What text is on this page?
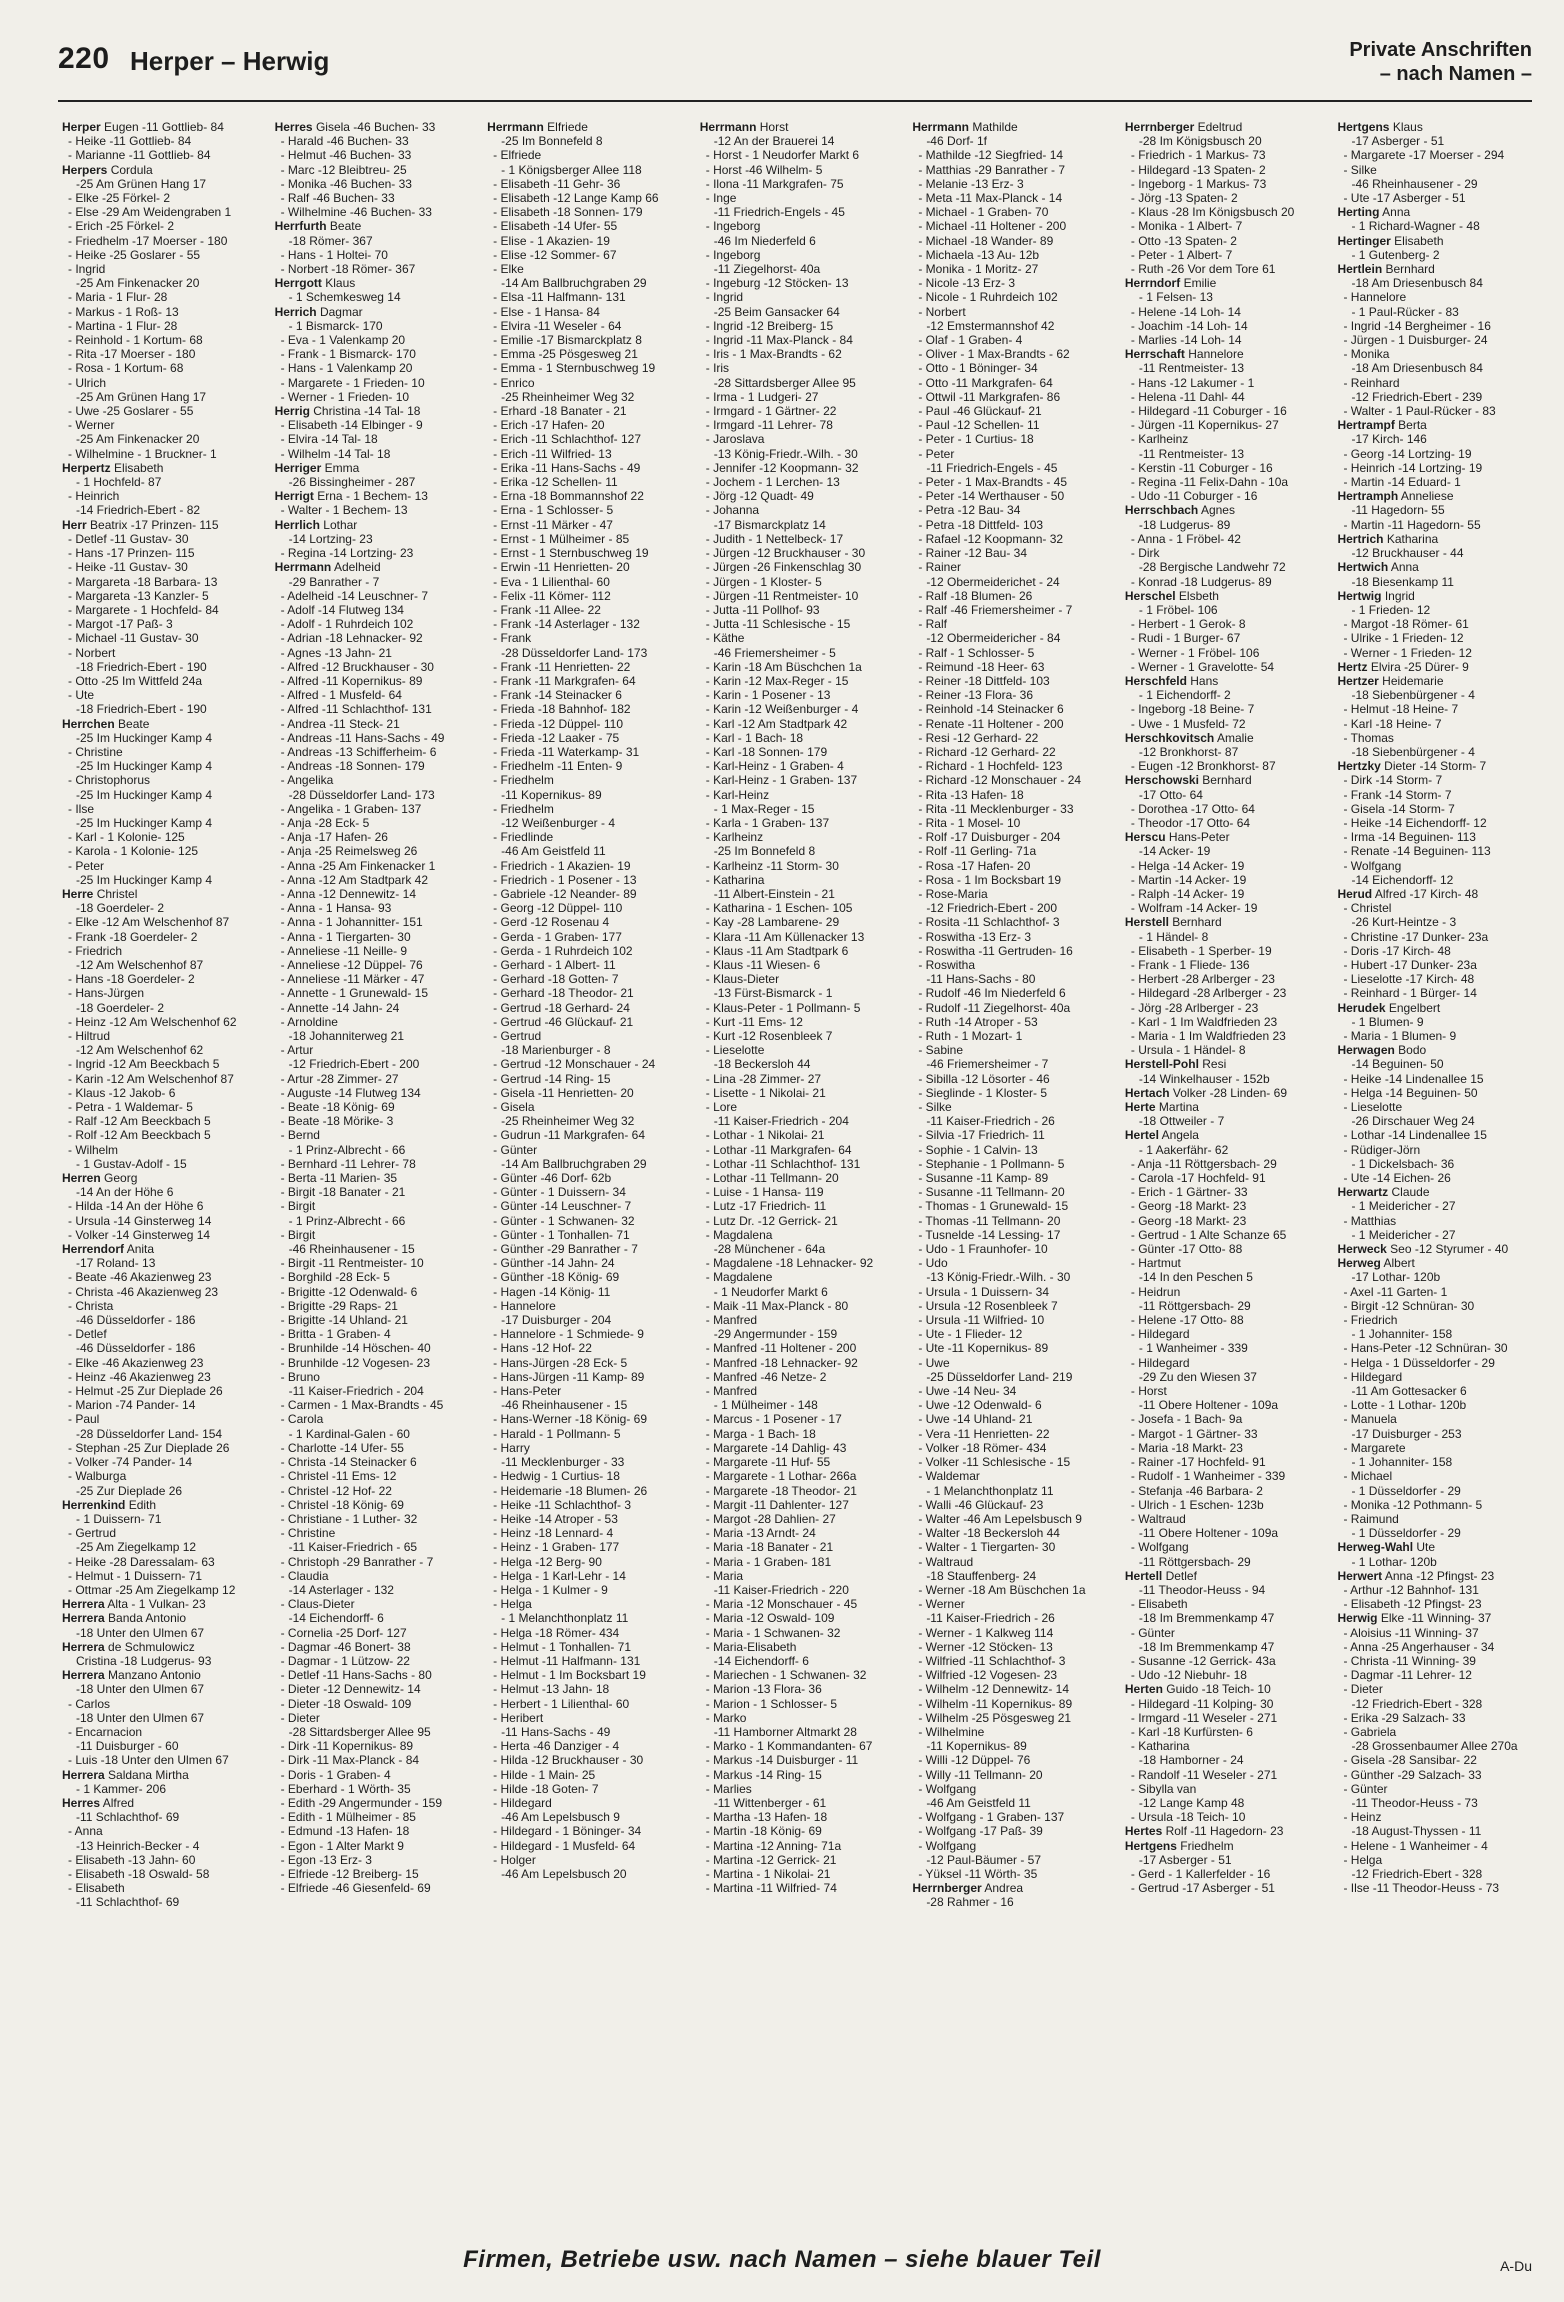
220 Herper – Herwig	Private Anschriften
– nach Namen –
Herper Eugen -11 Gottlieb- 84
- Heike -11 Gottlieb- 84
- Marianne -11 Gottlieb- 84
Herpers Cordula
-25 Am Grünen Hang 17
- Elke -25 Förkel- 2
- Else -29 Am Weidengraben 1
- Erich -25 Förkel- 2
- Friedhelm -17 Moerser - 180
- Heike -25 Goslarer - 55
- Ingrid
-25 Am Finkenacker 20
- Maria - 1 Flur- 28
- Markus - 1 Roß- 13
- Martina - 1 Flur- 28
- Reinhold - 1 Kortum- 68
- Rita -17 Moerser - 180
- Rosa - 1 Kortum- 68
- Ulrich
-25 Am Grünen Hang 17
- Uwe -25 Goslarer - 55
- Werner
-25 Am Finkenacker 20
- Wilhelmine - 1 Bruckner- 1
Herpertz Elisabeth
- 1 Hochfeld- 87
- Heinrich
-14 Friedrich-Ebert - 82
Herr Beatrix -17 Prinzen- 115
- Detlef -11 Gustav- 30
- Hans -17 Prinzen- 115
- Heike -11 Gustav- 30
- Margareta -18 Barbara- 13
- Margareta -13 Kanzler- 5
- Margarete - 1 Hochfeld- 84
- Margot -17 Paß- 3
- Michael -11 Gustav- 30
- Norbert
-18 Friedrich-Ebert - 190
- Otto -25 Im Wittfeld 24a
- Ute
-18 Friedrich-Ebert - 190
Herrchen Beate
-25 Im Huckinger Kamp 4
- Christine
-25 Im Huckinger Kamp 4
- Christophorus
-25 Im Huckinger Kamp 4
- Ilse
-25 Im Huckinger Kamp 4
- Karl - 1 Kolonie- 125
- Karola - 1 Kolonie- 125
- Peter
-25 Im Huckinger Kamp 4
Herre Christel
-18 Goerdeler- 2
- Elke -12 Am Welschenhof 87
- Frank -18 Goerdeler- 2
- Friedrich
-12 Am Welschenhof 87
- Hans -18 Goerdeler- 2
- Hans-Jürgen
-18 Goerdeler- 2
- Heinz -12 Am Welschenhof 62
- Hiltrud
-12 Am Welschenhof 62
- Ingrid -12 Am Beeckbach 5
- Karin -12 Am Welschenhof 87
- Klaus -12 Jakob- 6
- Petra - 1 Waldemar- 5
- Ralf -12 Am Beeckbach 5
- Rolf -12 Am Beeckbach 5
- Wilhelm
- 1 Gustav-Adolf - 15
Herren Georg
-14 An der Höhe 6
- Hilda -14 An der Höhe 6
- Ursula -14 Ginsterweg 14
- Volker -14 Ginsterweg 14
Herrendorf Anita
-17 Roland- 13
- Beate -46 Akazienweg 23
- Christa -46 Akazienweg 23
- Christa
-46 Düsseldorfer - 186
- Detlef
-46 Düsseldorfer - 186
- Elke -46 Akazienweg 23
- Heinz -46 Akazienweg 23
- Helmut -25 Zur Dieplade 26
- Marion -74 Pander- 14
- Paul
-28 Düsseldorfer Land- 154
- Stephan -25 Zur Dieplade 26
- Volker -74 Pander- 14
- Walburga
-25 Zur Dieplade 26
Herrenkind Edith
- 1 Duissern- 71
- Gertrud
-25 Am Ziegelkamp 12
- Heike -28 Daressalam- 63
- Helmut - 1 Duissern- 71
- Ottmar -25 Am Ziegelkamp 12
Herrera Alta - 1 Vulkan- 23
Herrera Banda Antonio
-18 Unter den Ulmen 67
Herrera de Schmulowicz
Cristina -18 Ludgerus- 93
Herrera Manzano Antonio
-18 Unter den Ulmen 67
- Carlos
-18 Unter den Ulmen 67
- Encarnacion
-11 Duisburger - 60
- Luis -18 Unter den Ulmen 67
Herrera Saldana Mirtha
- 1 Kammer- 206
Herres Alfred
-11 Schlachthof- 69
- Anna
-13 Heinrich-Becker - 4
- Elisabeth -13 Jahn- 60
- Elisabeth -18 Oswald- 58
- Elisabeth
-11 Schlachthof- 69
Herres Gisela -46 Buchen- 33
- Harald -46 Buchen- 33
- Helmut -46 Buchen- 33
- Marc -12 Bleibtreu- 25
- Monika -46 Buchen- 33
- Ralf -46 Buchen- 33
- Wilhelmine -46 Buchen- 33
Herrfurth Beate
-18 Römer- 367
- Hans - 1 Holtei- 70
- Norbert -18 Römer- 367
Herrgott Klaus
- 1 Schemkesweg 14
Herrich Dagmar
- 1 Bismarck- 170
- Eva - 1 Valenkamp 20
- Frank - 1 Bismarck- 170
- Hans - 1 Valenkamp 20
- Margarete - 1 Frieden- 10
- Werner - 1 Frieden- 10
Herrig Christina -14 Tal- 18
- Elisabeth -14 Elbinger - 9
- Elvira -14 Tal- 18
- Wilhelm -14 Tal- 18
Herriger Emma
-26 Bissingheimer - 287
Herrigt Erna - 1 Bechem- 13
- Walter - 1 Bechem- 13
Herrlich Lothar
-14 Lortzing- 23
- Regina -14 Lortzing- 23
Herrmann Adelheid
-29 Banrather - 7
- Adelheid -14 Leuschner- 7
- Adolf -14 Flutweg 134
- Adolf - 1 Ruhrdeich 102
- Adrian -18 Lehnacker- 92
- Agnes -13 Jahn- 21
- Alfred -12 Bruckhauser - 30
- Alfred -11 Kopernikus- 89
- Alfred - 1 Musfeld- 64
- Alfred -11 Schlachthof- 131
- Andrea -11 Steck- 21
- Andreas -11 Hans-Sachs - 49
- Andreas -13 Schifferheim- 6
- Andreas -18 Sonnen- 179
- Angelika
-28 Düsseldorfer Land- 173
- Angelika - 1 Graben- 137
- Anja -28 Eck- 5
- Anja -17 Hafen- 26
- Anja -25 Reimelsweg 26
- Anna -25 Am Finkenacker 1
- Anna -12 Am Stadtpark 42
- Anna -12 Dennewitz- 14
- Anna - 1 Hansa- 93
- Anna - 1 Johannitter- 151
- Anna - 1 Tiergarten- 30
- Anneliese -11 Neille- 9
- Anneliese -12 Düppel- 76
- Anneliese -11 Märker - 47
- Annette - 1 Grunewald- 15
- Annette -14 Jahn- 24
- Arnoldine
-18 Johanniterweg 21
- Artur
-12 Friedrich-Ebert - 200
- Artur -28 Zimmer- 27
- Auguste -14 Flutweg 134
- Beate -18 König- 69
- Beate -18 Mörike- 3
- Bernd
- 1 Prinz-Albrecht - 66
- Bernhard -11 Lehrer- 78
- Berta -11 Marien- 35
- Birgit -18 Banater - 21
- Birgit
- 1 Prinz-Albrecht - 66
- Birgit
-46 Rheinhausener - 15
- Birgit -11 Rentmeister- 10
- Borghild -28 Eck- 5
- Brigitte -12 Odenwald- 6
- Brigitte -29 Raps- 21
- Brigitte -14 Uhland- 21
- Britta - 1 Graben- 4
- Brunhilde -14 Höschen- 40
- Brunhilde -12 Vogesen- 23
- Bruno
-11 Kaiser-Friedrich - 204
- Carmen - 1 Max-Brandts - 45
- Carola
- 1 Kardinal-Galen - 60
- Charlotte -14 Ufer- 55
- Christa -14 Steinacker 6
- Christel -11 Ems- 12
- Christel -12 Hof- 22
- Christel -18 König- 69
- Christiane - 1 Luther- 32
- Christine
-11 Kaiser-Friedrich - 65
- Christoph -29 Banrather - 7
- Claudia
-14 Asterlager - 132
- Claus-Dieter
-14 Eichendorff- 6
- Cornelia -25 Dorf- 127
- Dagmar -46 Bonert- 38
- Dagmar - 1 Lützow- 22
- Detlef -11 Hans-Sachs - 80
- Dieter -12 Dennewitz- 14
- Dieter -18 Oswald- 109
- Dieter
-28 Sittardsberger Allee 95
- Dirk -11 Kopernikus- 89
- Dirk -11 Max-Planck - 84
- Doris - 1 Graben- 4
- Eberhard - 1 Wörth- 35
- Edith -29 Angermunder - 159
- Edith - 1 Mülheimer - 85
- Edmund -13 Hafen- 18
- Egon - 1 Alter Markt 9
- Egon -13 Erz- 3
- Elfriede -12 Breiberg- 15
- Elfriede -46 Giesenfeld- 69
Herrmann Elfriede
-25 Im Bonnefeld 8
- Elfriede
- 1 Königsberger Allee 118
- Elisabeth -11 Gehr- 36
- Elisabeth -12 Lange Kamp 66
- Elisabeth -18 Sonnen- 179
- Elisabeth -14 Ufer- 55
- Elise - 1 Akazien- 19
- Elise -12 Sommer- 67
- Elke
-14 Am Ballbruchgraben 29
- Elsa -11 Halfmann- 131
- Else - 1 Hansa- 84
- Elvira -11 Weseler - 64
- Emilie -17 Bismarckplatz 8
- Emma -25 Pösgesweg 21
- Emma - 1 Sternbuschweg 19
- Enrico
-25 Rheinheimer Weg 32
- Erhard -18 Banater - 21
- Erich -17 Hafen- 20
- Erich -11 Schlachthof- 127
- Erich -11 Wilfried- 13
- Erika -11 Hans-Sachs - 49
- Erika -12 Schellen- 11
- Erna -18 Bommannshof 22
- Erna - 1 Schlosser- 5
- Ernst -11 Märker - 47
- Ernst - 1 Mülheimer - 85
- Ernst - 1 Sternbuschweg 19
- Erwin -11 Henrietten- 20
- Eva - 1 Lilienthal- 60
- Felix -11 Kömer- 112
- Frank -11 Allee- 22
- Frank -14 Asterlager - 132
- Frank
-28 Düsseldorfer Land- 173
- Frank -11 Henrietten- 22
- Frank -11 Markgrafen- 64
- Frank -14 Steinacker 6
- Frieda -18 Bahnhof- 182
- Frieda -12 Düppel- 110
- Frieda -12 Laaker - 75
- Frieda -11 Waterkamp- 31
- Friedhelm -11 Enten- 9
- Friedhelm
-11 Kopernikus- 89
- Friedhelm
-12 Weißenburger - 4
- Friedlinde
-46 Am Geistfeld 11
- Friedrich - 1 Akazien- 19
- Friedrich - 1 Posener - 13
- Gabriele -12 Neander- 89
- Georg -12 Düppel- 110
- Gerd -12 Rosenau 4
- Gerda - 1 Graben- 177
- Gerda - 1 Ruhrdeich 102
- Gerhard - 1 Albert- 11
- Gerhard -18 Gotten- 7
- Gerhard -18 Theodor- 21
- Gertrud -18 Gerhard- 24
- Gertrud -46 Glückauf- 21
- Gertrud
-18 Marienburger - 8
- Gertrud -12 Monschauer - 24
- Gertrud -14 Ring- 15
- Gisela -11 Henrietten- 20
- Gisela
-25 Rheinheimer Weg 32
- Gudrun -11 Markgrafen- 64
- Günter
-14 Am Ballbruchgraben 29
- Günter -46 Dorf- 62b
- Günter - 1 Duissern- 34
- Günter -14 Leuschner- 7
- Günter - 1 Schwanen- 32
- Günter - 1 Tonhallen- 71
- Günther -29 Banrather - 7
- Günther -14 Jahn- 24
- Günther -18 König- 69
- Hagen -14 König- 11
- Hannelore
-17 Duisburger - 204
- Hannelore - 1 Schmiede- 9
- Hans -12 Hof- 22
- Hans-Jürgen -28 Eck- 5
- Hans-Jürgen -11 Kamp- 89
- Hans-Peter
-46 Rheinhausener - 15
- Hans-Werner -18 König- 69
- Harald - 1 Pollmann- 5
- Harry
-11 Mecklenburger - 33
- Hedwig - 1 Curtius- 18
- Heidemarie -18 Blumen- 26
- Heike -11 Schlachthof- 3
- Heike -14 Atroper - 53
- Heinz -18 Lennard- 4
- Heinz - 1 Graben- 177
- Helga -12 Berg- 90
- Helga - 1 Karl-Lehr - 14
- Helga - 1 Kulmer - 9
- Helga
- 1 Melanchthonplatz 11
- Helga -18 Römer- 434
- Helmut - 1 Tonhallen- 71
- Helmut -11 Halfmann- 131
- Helmut - 1 Im Bocksbart 19
- Helmut -13 Jahn- 18
- Herbert - 1 Lilienthal- 60
- Heribert
-11 Hans-Sachs - 49
- Herta -46 Danziger - 4
- Hilda -12 Bruckhauser - 30
- Hilde - 1 Main- 25
- Hilde -18 Goten- 7
- Hildegard
-46 Am Lepelsbusch 9
- Hildegard - 1 Böninger- 34
- Hildegard - 1 Musfeld- 64
- Holger
-46 Am Lepelsbusch 20
Herrmann Horst
-12 An der Brauerei 14
- Horst - 1 Neudorfer Markt 6
- Horst -46 Wilhelm- 5
- Ilona -11 Markgrafen- 75
- Inge
-11 Friedrich-Engels - 45
- Ingeborg
-46 Im Niederfeld 6
- Ingeborg
-11 Ziegelhorst- 40a
- Ingeburg -12 Stöcken- 13
- Ingrid
-25 Beim Gansacker 64
- Ingrid -12 Breiberg- 15
- Ingrid -11 Max-Planck - 84
- Iris - 1 Max-Brandts - 62
- Iris
-28 Sittardsberger Allee 95
- Irma - 1 Ludgeri- 27
- Irmgard - 1 Gärtner- 22
- Irmgard -11 Lehrer- 78
- Jaroslava
-13 König-Friedr.-Wilh. - 30
- Jennifer -12 Koopmann- 32
- Jochem - 1 Lerchen- 13
- Jörg -12 Quadt- 49
- Johanna
-17 Bismarckplatz 14
- Judith - 1 Nettelbeck- 17
- Jürgen -12 Bruckhauser - 30
- Jürgen -26 Finkenschlag 30
- Jürgen - 1 Kloster- 5
- Jürgen -11 Rentmeister- 10
- Jutta -11 Pollhof- 93
- Jutta -11 Schlesische - 15
- Käthe
-46 Friemersheimer - 5
- Karin -18 Am Büschchen 1a
- Karin -12 Max-Reger - 15
- Karin - 1 Posener - 13
- Karin -12 Weißenburger - 4
- Karl -12 Am Stadtpark 42
- Karl - 1 Bach- 18
- Karl -18 Sonnen- 179
- Karl-Heinz - 1 Graben- 4
- Karl-Heinz - 1 Graben- 137
- Karl-Heinz
- 1 Max-Reger - 15
- Karla - 1 Graben- 137
- Karlheinz
-25 Im Bonnefeld 8
- Karlheinz -11 Storm- 30
- Katharina
-11 Albert-Einstein - 21
- Katharina - 1 Eschen- 105
- Kay -28 Lambarene- 29
- Klara -11 Am Küllenacker 13
- Klaus -11 Am Stadtpark 6
- Klaus -11 Wiesen- 6
- Klaus-Dieter
-13 Fürst-Bismarck - 1
- Klaus-Peter - 1 Pollmann- 5
- Kurt -11 Ems- 12
- Kurt -12 Rosenbleek 7
- Lieselotte
-18 Beckersloh 44
- Lina -28 Zimmer- 27
- Lisette - 1 Nikolai- 21
- Lore
-11 Kaiser-Friedrich - 204
- Lothar - 1 Nikolai- 21
- Lothar -11 Markgrafen- 64
- Lothar -11 Schlachthof- 131
- Lothar -11 Tellmann- 20
- Luise - 1 Hansa- 119
- Lutz -17 Friedrich- 11
- Lutz Dr. -12 Gerrick- 21
- Magdalena
-28 Münchener - 64a
- Magdalene -18 Lehnacker- 92
- Magdalene
- 1 Neudorfer Markt 6
- Maik -11 Max-Planck - 80
- Manfred
-29 Angermunder - 159
- Manfred -11 Holtener - 200
- Manfred -18 Lehnacker- 92
- Manfred -46 Netze- 2
- Manfred
- 1 Mülheimer - 148
- Marcus - 1 Posener - 17
- Marga - 1 Bach- 18
- Margarete -14 Dahlig- 43
- Margarete -11 Huf- 55
- Margarete - 1 Lothar- 266a
- Margarete -18 Theodor- 21
- Margit -11 Dahlenter- 127
- Margot -28 Dahlien- 27
- Maria -13 Arndt- 24
- Maria -18 Banater - 21
- Maria - 1 Graben- 181
- Maria
-11 Kaiser-Friedrich - 220
- Maria -12 Monschauer - 45
- Maria -12 Oswald- 109
- Maria - 1 Schwanen- 32
- Maria-Elisabeth
-14 Eichendorff- 6
- Mariechen - 1 Schwanen- 32
- Marion -13 Flora- 36
- Marion - 1 Schlosser- 5
- Marko
-11 Hamborner Altmarkt 28
- Marko - 1 Kommandanten- 67
- Markus -14 Duisburger - 11
- Markus -14 Ring- 15
- Marlies
-11 Wittenberger - 61
- Martha -13 Hafen- 18
- Martin -18 König- 69
- Martina -12 Anning- 71a
- Martina -12 Gerrick- 21
- Martina - 1 Nikolai- 21
- Martina -11 Wilfried- 74
Herrmann Mathilde
-46 Dorf- 1f
- Mathilde -12 Siegfried- 14
- Matthias -29 Banrather - 7
- Melanie -13 Erz- 3
- Meta -11 Max-Planck - 14
- Michael - 1 Graben- 70
- Michael -11 Holtener - 200
- Michael -18 Wander- 89
- Michaela -13 Au- 12b
- Monika - 1 Moritz- 27
- Nicole -13 Erz- 3
- Nicole - 1 Ruhrdeich 102
- Norbert
-12 Emstermannshof 42
- Olaf - 1 Graben- 4
- Oliver - 1 Max-Brandts - 62
- Otto - 1 Böninger- 34
- Otto -11 Markgrafen- 64
- Ottwil -11 Markgrafen- 86
- Paul -46 Glückauf- 21
- Paul -12 Schellen- 11
- Peter - 1 Curtius- 18
- Peter
-11 Friedrich-Engels - 45
- Peter - 1 Max-Brandts - 45
- Peter -14 Werthauser - 50
- Petra -12 Bau- 34
- Petra -18 Dittfeld- 103
- Rafael -12 Koopmann- 32
- Rainer -12 Bau- 34
- Rainer
-12 Obermeiderichet - 24
- Ralf -18 Blumen- 26
- Ralf -46 Friemersheimer - 7
- Ralf
-12 Obermeidericher - 84
- Ralf - 1 Schlosser- 5
- Reimund -18 Heer- 63
- Reiner -18 Dittfeld- 103
- Reiner -13 Flora- 36
- Reinhold -14 Steinacker 6
- Renate -11 Holtener - 200
- Resi -12 Gerhard- 22
- Richard -12 Gerhard- 22
- Richard - 1 Hochfeld- 123
- Richard -12 Monschauer - 24
- Rita -13 Hafen- 18
- Rita -11 Mecklenburger - 33
- Rita - 1 Mosel- 10
- Rolf -17 Duisburger - 204
- Rolf -11 Gerling- 71a
- Rosa -17 Hafen- 20
- Rosa - 1 Im Bocksbart 19
- Rose-Maria
-12 Friedrich-Ebert - 200
- Rosita -11 Schlachthof- 3
- Roswitha -13 Erz- 3
- Roswitha -11 Gertruden- 16
- Roswitha
-11 Hans-Sachs - 80
- Rudolf -46 Im Niederfeld 6
- Rudolf -11 Ziegelhorst- 40a
- Ruth -14 Atroper - 53
- Ruth - 1 Mozart- 1
- Sabine
-46 Friemersheimer - 7
- Sibilla -12 Lösorter - 46
- Sieglinde - 1 Kloster- 5
- Silke
-11 Kaiser-Friedrich - 26
- Silvia -17 Friedrich- 11
- Sophie - 1 Calvin- 13
- Stephanie - 1 Pollmann- 5
- Susanne -11 Kamp- 89
- Susanne -11 Tellmann- 20
- Thomas - 1 Grunewald- 15
- Thomas -11 Tellmann- 20
- Tusnelde -14 Lessing- 17
- Udo - 1 Fraunhofer- 10
- Udo
-13 König-Friedr.-Wilh. - 30
- Ursula - 1 Duissern- 34
- Ursula -12 Rosenbleek 7
- Ursula -11 Wilfried- 10
- Ute - 1 Flieder- 12
- Ute -11 Kopernikus- 89
- Uwe
-25 Düsseldorfer Land- 219
- Uwe -14 Neu- 34
- Uwe -12 Odenwald- 6
- Uwe -14 Uhland- 21
- Vera -11 Henrietten- 22
- Volker -18 Römer- 434
- Volker -11 Schlesische - 15
- Waldemar
- 1 Melanchthonplatz 11
- Walli -46 Glückauf- 23
- Walter -46 Am Lepelsbusch 9
- Walter -18 Beckersloh 44
- Walter - 1 Tiergarten- 30
- Waltraud
-18 Stauffenberg- 24
- Werner -18 Am Büschchen 1a
- Werner
-11 Kaiser-Friedrich - 26
- Werner - 1 Kalkweg 114
- Werner -12 Stöcken- 13
- Wilfried -11 Schlachthof- 3
- Wilfried -12 Vogesen- 23
- Wilhelm -12 Dennewitz- 14
- Wilhelm -11 Kopernikus- 89
- Wilhelm -25 Pösgesweg 21
- Wilhelmine
-11 Kopernikus- 89
- Willi -12 Düppel- 76
- Willy -11 Tellmann- 20
- Wolfgang
-46 Am Geistfeld 11
- Wolfgang - 1 Graben- 137
- Wolfgang -17 Paß- 39
- Wolfgang
-12 Paul-Bäumer - 57
- Yüksel -11 Wörth- 35
Herrnberger Andrea
-28 Rahmer - 16
Herrnberger Edeltrud
-28 Im Königsbusch 20
- Friedrich - 1 Markus- 73
- Hildegard -13 Spaten- 2
- Ingeborg - 1 Markus- 73
- Jörg -13 Spaten- 2
- Klaus -28 Im Königsbusch 20
- Monika - 1 Albert- 7
- Otto -13 Spaten- 2
- Peter - 1 Albert- 7
- Ruth -26 Vor dem Tore 61
Herrndorf Emilie
- 1 Felsen- 13
- Helene -14 Loh- 14
- Joachim -14 Loh- 14
- Marlies -14 Loh- 14
Herrschaft Hannelore
-11 Rentmeister- 13
- Hans -12 Lakumer - 1
- Helena -11 Dahl- 44
- Hildegard -11 Coburger - 16
- Jürgen -11 Kopernikus- 27
- Karlheinz
-11 Rentmeister- 13
- Kerstin -11 Coburger - 16
- Regina -11 Felix-Dahn - 10a
- Udo -11 Coburger - 16
Herrschbach Agnes
-18 Ludgerus- 89
- Anna - 1 Fröbel- 42
- Dirk
-28 Bergische Landwehr 72
- Konrad -18 Ludgerus- 89
Herschel Elsbeth
- 1 Fröbel- 106
- Herbert - 1 Gerok- 8
- Rudi - 1 Burger- 67
- Werner - 1 Fröbel- 106
- Werner - 1 Gravelotte- 54
Herschfeld Hans
- 1 Eichendorff- 2
- Ingeborg -18 Beine- 7
- Uwe - 1 Musfeld- 72
Herschkovitsch Amalie
-12 Bronkhorst- 87
- Eugen -12 Bronkhorst- 87
Herschowski Bernhard
-17 Otto- 64
- Dorothea -17 Otto- 64
- Theodor -17 Otto- 64
Herscu Hans-Peter
-14 Acker- 19
- Helga -14 Acker- 19
- Martin -14 Acker- 19
- Ralph -14 Acker- 19
- Wolfram -14 Acker- 19
Herstell Bernhard
- 1 Händel- 8
- Elisabeth - 1 Sperber- 19
- Frank - 1 Fliede- 136
- Herbert -28 Arlberger - 23
- Hildegard -28 Arlberger - 23
- Jörg -28 Arlberger - 23
- Karl - 1 Im Waldfrieden 23
- Maria - 1 Im Waldfrieden 23
- Ursula - 1 Händel- 8
Herstell-Pohl Resi
-14 Winkelhauser - 152b
Hertach Volker -28 Linden- 69
Herte Martina
-18 Ottweiler - 7
Hertel Angela
- 1 Aakerfähr- 62
- Anja -11 Röttgersbach- 29
- Carola -17 Hochfeld- 91
- Erich - 1 Gärtner- 33
- Georg -18 Markt- 23
- Georg -18 Markt- 23
- Gertrud - 1 Alte Schanze 65
- Günter -17 Otto- 88
- Hartmut
-14 In den Peschen 5
- Heidrun
-11 Röttgersbach- 29
- Helene -17 Otto- 88
- Hildegard
- 1 Wanheimer - 339
- Hildegard
-29 Zu den Wiesen 37
- Horst
-11 Obere Holtener - 109a
- Josefa - 1 Bach- 9a
- Margot - 1 Gärtner- 33
- Maria -18 Markt- 23
- Rainer -17 Hochfeld- 91
- Rudolf - 1 Wanheimer - 339
- Stefanja -46 Barbara- 2
- Ulrich - 1 Eschen- 123b
- Waltraud
-11 Obere Holtener - 109a
- Wolfgang
-11 Röttgersbach- 29
Hertell Detlef
-11 Theodor-Heuss - 94
- Elisabeth
-18 Im Bremmenkamp 47
- Günter
-18 Im Bremmenkamp 47
- Susanne -12 Gerrick- 43a
- Udo -12 Niebuhr- 18
Herten Guido -18 Teich- 10
- Hildegard -11 Kolping- 30
- Irmgard -11 Weseler - 271
- Karl -18 Kurfürsten- 6
- Katharina
-18 Hamborner - 24
- Randolf -11 Weseler - 271
- Sibylla van
-12 Lange Kamp 48
- Ursula -18 Teich- 10
Hertes Rolf -11 Hagedorn- 23
Hertgens Friedhelm
-17 Asberger - 51
- Gerd - 1 Kallerfelder - 16
- Gertrud -17 Asberger - 51
Hertgens Klaus
-17 Asberger - 51
- Margarete -17 Moerser - 294
- Silke
-46 Rheinhausener - 29
- Ute -17 Asberger - 51
Herting Anna
- 1 Richard-Wagner - 48
Hertinger Elisabeth
- 1 Gutenberg- 2
Hertlein Bernhard
-18 Am Driesenbusch 84
- Hannelore
- 1 Paul-Rücker - 83
- Ingrid -14 Bergheimer - 16
- Jürgen - 1 Duisburger- 24
- Monika
-18 Am Driesenbusch 84
- Reinhard
-12 Friedrich-Ebert - 239
- Walter - 1 Paul-Rücker - 83
Hertrampf Berta
-17 Kirch- 146
- Georg -14 Lortzing- 19
- Heinrich -14 Lortzing- 19
- Martin -14 Eduard- 1
Hertramph Anneliese
-11 Hagedorn- 55
- Martin -11 Hagedorn- 55
Hertrich Katharina
-12 Bruckhauser - 44
Hertwich Anna
-18 Biesenkamp 11
Hertwig Ingrid
- 1 Frieden- 12
- Margot -18 Römer- 61
- Ulrike - 1 Frieden- 12
- Werner - 1 Frieden- 12
Hertz Elvira -25 Dürer- 9
Hertzer Heidemarie
-18 Siebenbürgener - 4
- Helmut -18 Heine- 7
- Karl -18 Heine- 7
- Thomas
-18 Siebenbürgener - 4
Hertzky Dieter -14 Storm- 7
- Dirk -14 Storm- 7
- Frank -14 Storm- 7
- Gisela -14 Storm- 7
- Heike -14 Eichendorff- 12
- Irma -14 Beguinen- 113
- Renate -14 Beguinen- 113
- Wolfgang
-14 Eichendorff- 12
Herud Alfred -17 Kirch- 48
- Christel
-26 Kurt-Heintze - 3
- Christine -17 Dunker- 23a
- Doris -17 Kirch- 48
- Hubert -17 Dunker- 23a
- Lieselotte -17 Kirch- 48
- Reinhard - 1 Bürger- 14
Herudek Engelbert
- 1 Blumen- 9
- Maria - 1 Blumen- 9
Herwagen Bodo
-14 Beguinen- 50
- Heike -14 Lindenallee 15
- Helga -14 Beguinen- 50
- Lieselotte
-26 Dirschauer Weg 24
- Lothar -14 Lindenallee 15
- Rüdiger-Jörn
- 1 Dickelsbach- 36
- Ute -14 Eichen- 26
Herwartz Claude
- 1 Meidericher - 27
- Matthias
- 1 Meidericher - 27
Herweck Seo -12 Styrumer - 40
Herweg Albert
-17 Lothar- 120b
- Axel -11 Garten- 1
- Birgit -12 Schnüran- 30
- Friedrich
- 1 Johanniter- 158
- Hans-Peter -12 Schnüran- 30
- Helga - 1 Düsseldorfer - 29
- Hildegard
-11 Am Gottesacker 6
- Lotte - 1 Lothar- 120b
- Manuela
-17 Duisburger - 253
- Margarete
- 1 Johanniter- 158
- Michael
- 1 Düsseldorfer - 29
- Monika -12 Pothmann- 5
- Raimund
- 1 Düsseldorfer - 29
Herweg-Wahl Ute
- 1 Lothar- 120b
Herwert Anna -12 Pfingst- 23
- Arthur -12 Bahnhof- 131
- Elisabeth -12 Pfingst- 23
Herwig Elke -11 Winning- 37
- Aloisius -11 Winning- 37
- Anna -25 Angerhauser - 34
- Christa -11 Winning- 39
- Dagmar -11 Lehrer- 12
- Dieter
-12 Friedrich-Ebert - 328
- Erika -29 Salzach- 33
- Gabriela
-28 Grossenbaumer Allee 270a
- Gisela -28 Sansibar- 22
- Günther -29 Salzach- 33
- Günter
-11 Theodor-Heuss - 73
- Heinz
-18 August-Thyssen - 11
- Helene - 1 Wanheimer - 4
- Helga
-12 Friedrich-Ebert - 328
- Ilse -11 Theodor-Heuss - 73
Firmen, Betriebe usw. nach Namen – siehe blauer Teil	A-Du
